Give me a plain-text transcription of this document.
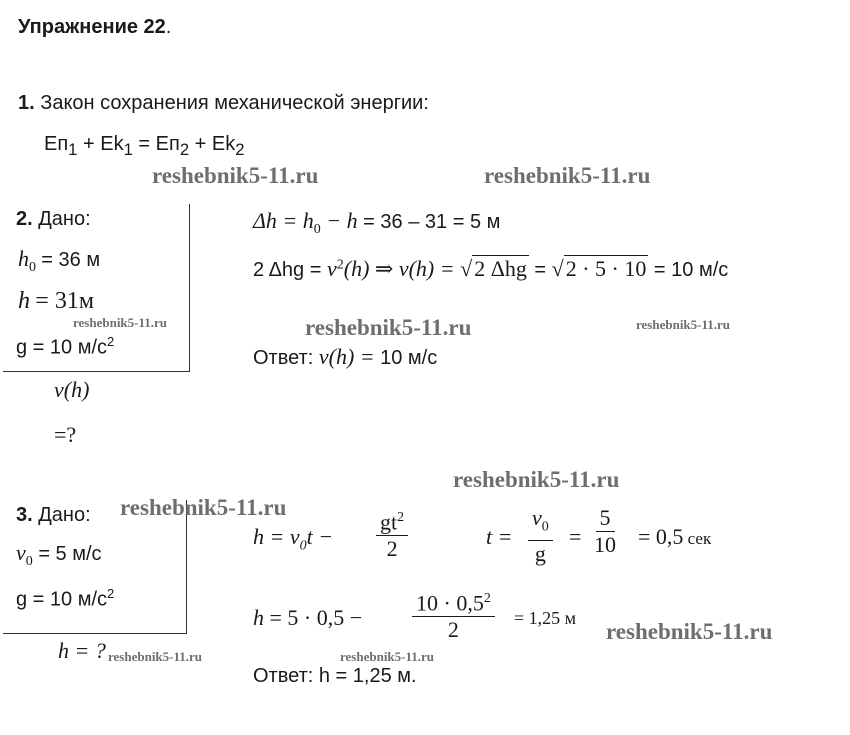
Упражнение 22.
1. Закон сохранения механической энергии:
$Eп_1 + Ek_1 = Eп_2 + Ek_2$
reshebnik5-11.ru	reshebnik5-11.ru
2. Дано:
$h_0 = 36$ м
h = 31м
reshebnik5-11.ru
g = 10 $м/с^2$
v(h)
=?
$\Delta h = h_0 - h = 36 - 31 = 5$ м
2 $\Delta hg = v^2(h)$ ⇒ v(h) = √2 Δhg = √2 · 5 · 10 = 10 м/с
reshebnik5-11.ru	reshebnik5-11.ru
Ответ: v(h) = 10 м/с
reshebnik5-11.ru
3. Дано: reshebnik5-11.ru
$v_0 = 5$ м/с
g = 10 $м/с^2$
h = ? reshebnik5-11.ru
$h = v_0t - \frac{gt^2}{2}$	$t = \frac{v_0}{g} = \frac{5}{10} = 0,5$ сек
$h = 5 \cdot 0,5 - \frac{10 \cdot 0,5^2}{2} = 1,25$ м
reshebnik5-11.ru
reshebnik5-11.ru
Ответ: h = 1,25 м.
